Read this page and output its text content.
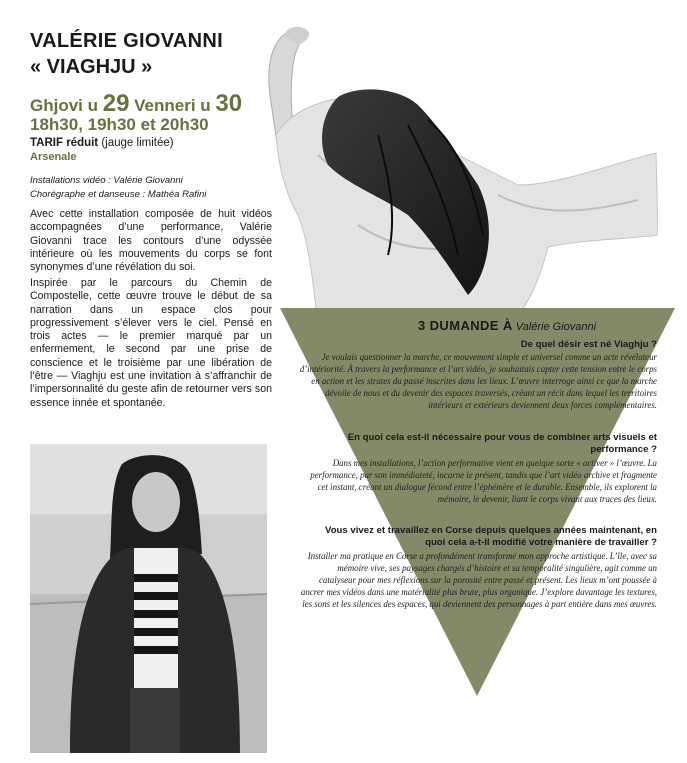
VALÉRIE GIOVANNI
« VIAGHJU »
Ghjovi u 29 Venneri u 30
18h30, 19h30 et 20h30
TARIF réduit (jauge limitée)
Arsenale
Installations vidéo : Valérie Giovanni
Chorégraphe et danseuse : Mathéa Rafini
Avec cette installation composée de huit vidéos accompagnées d’une performance, Valérie Giovanni trace les contours d’une odyssée intérieure où les mouvements du corps se font synonymes d’une révélation du soi.
Inspirée par le parcours du Chemin de Compostelle, cette œuvre trouve le début de sa narration dans un espace clos pour progressivement s’élever vers le ciel. Pensé en trois actes — le premier marqué par un enfermement, le second par une prise de conscience et le troisième par une libération de l’être — Viaghju est une invitation à s’affranchir de l’impersonnalité du geste afin de retourner vers son essence innée et spontanée.
3 DUMANDE À Valérie Giovanni
De quel désir est né Viaghju ?
Je voulais questionner la marche, ce mouvement simple et universel comme un acte révélateur d’intériorité. À travers la performance et l’art vidéo, je souhaitais capter cette tension entre le corps en action et les strates du passé inscrites dans les lieux. L’œuvre interroge ainsi ce que la marche dévoile de nous et du devenir des espaces traversés, créant un récit dans lequel les territoires intérieurs et extérieurs deviennent deux forces complémentaires.
En quoi cela est-il nécessaire pour vous de combiner arts visuels et performance ?
Dans mes installations, l’action performative vient en quelque sorte « activer » l’œuvre. La performance, par son immédiateté, incarne le présent, tandis que l’art vidéo archive et fragmente cet instant, créant un dialogue fécond entre l’éphémère et le durable. Ensemble, ils explorent la mémoire, le devenir, liant le corps vivant aux traces des lieux.
Vous vivez et travaillez en Corse depuis quelques années maintenant, en quoi cela a-t-il modifié votre manière de travailler ?
Installer ma pratique en Corse a profondément transformé mon approche artistique. L’île, avec sa mémoire vive, ses paysages chargés d’histoire et sa temporalité singulière, agit comme un catalyseur pour mes réflexions sur la porosité entre passé et présent. Les lieux m’ont poussée à ancrer mes vidéos dans une matérialité plus brute, plus organique. J’explore davantage les textures, les sons et les silences des espaces, qui deviennent des personnages à part entière dans mes œuvres.
